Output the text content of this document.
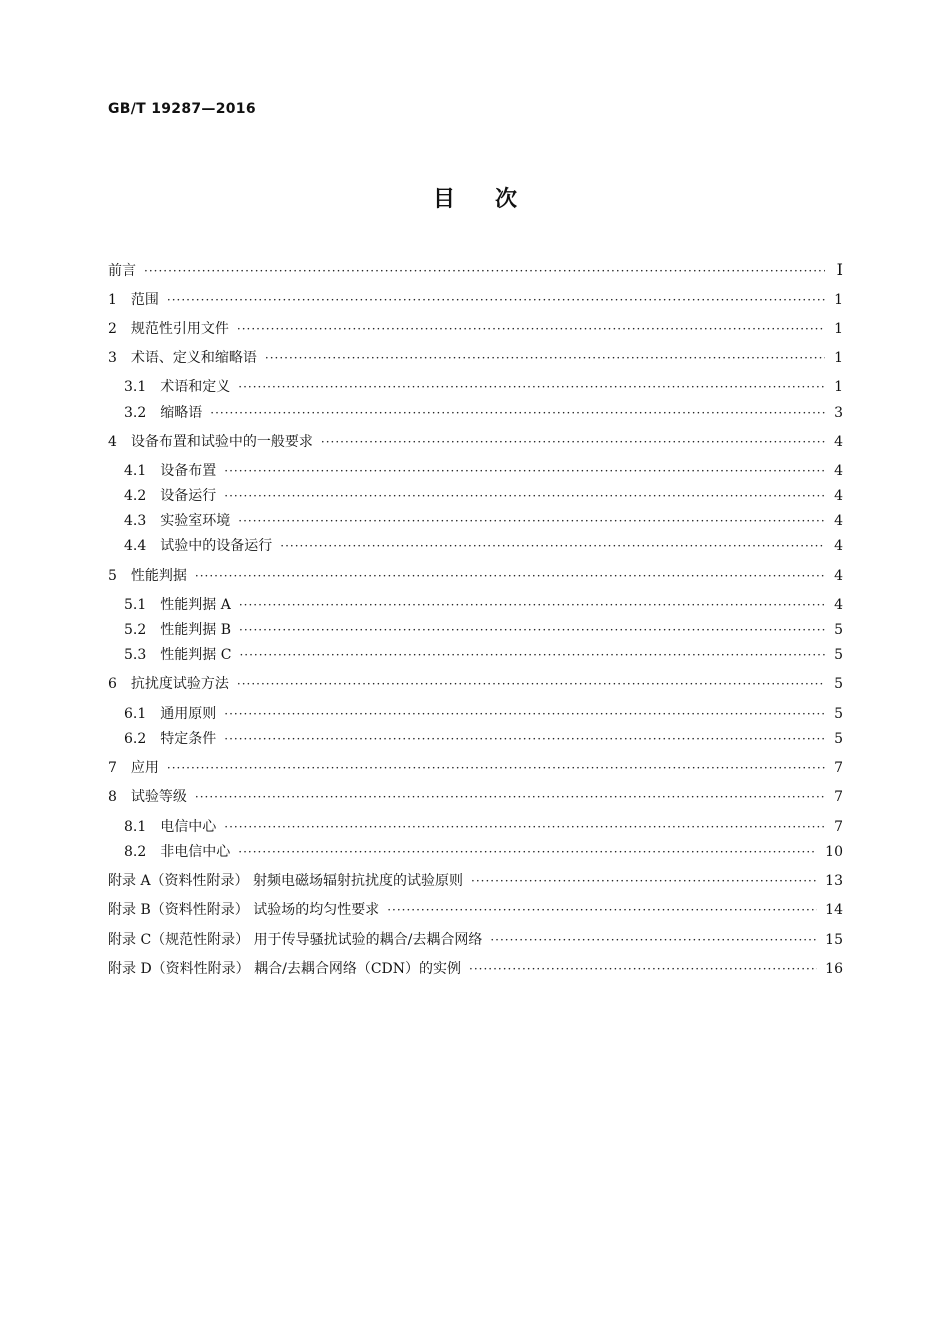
GB/T 19287—2016
目次
前言 ·····	Ⅰ
1 范围 ·····	1
2 规范性引用文件 ·····	1
3 术语、定义和缩略语 ·····	1
3.1 术语和定义 ·····	1
3.2 缩略语 ·····	3
4 设备布置和试验中的一般要求 ·····	4
4.1 设备布置 ·····	4
4.2 设备运行 ·····	4
4.3 实验室环境 ·····	4
4.4 试验中的设备运行 ·····	4
5 性能判据 ·····	4
5.1 性能判据 A ·····	4
5.2 性能判据 B ·····	5
5.3 性能判据 C ·····	5
6 抗扰度试验方法 ·····	5
6.1 通用原则 ·····	5
6.2 特定条件 ·····	5
7 应用 ·····	7
8 试验等级 ·····	7
8.1 电信中心 ·····	7
8.2 非电信中心 ·····	10
附录 A（资料性附录） 射频电磁场辐射抗扰度的试验原则 ·····	13
附录 B（资料性附录） 试验场的均匀性要求 ·····	14
附录 C（规范性附录） 用于传导骚扰试验的耦合/去耦合网络 ·····	15
附录 D（资料性附录） 耦合/去耦合网络（CDN）的实例 ·····	16
